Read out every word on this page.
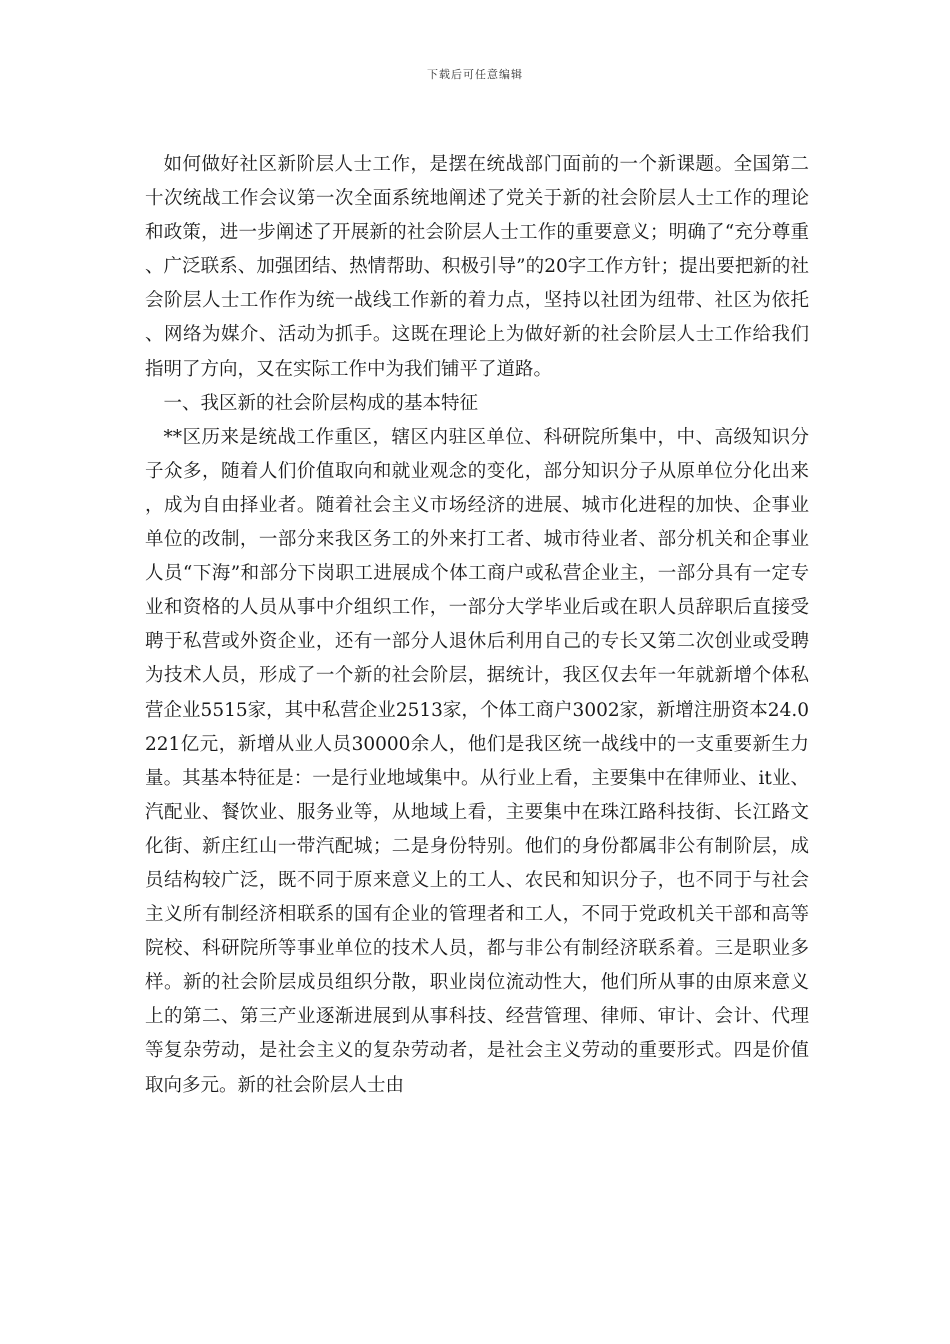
下载后可任意编辑

如何做好社区新阶层人士工作，是摆在统战部门面前的一个新课题。全国第二十次统战工作会议第一次全面系统地阐述了党关于新的社会阶层人士工作的理论和政策，进一步阐述了开展新的社会阶层人士工作的重要意义；明确了“充分尊重、广泛联系、加强团结、热情帮助、积极引导”的20字工作方针；提出要把新的社会阶层人士工作作为统一战线工作新的着力点，坚持以社团为纽带、社区为依托、网络为媒介、活动为抓手。这既在理论上为做好新的社会阶层人士工作给我们指明了方向，又在实际工作中为我们铺平了道路。

一、我区新的社会阶层构成的基本特征

**区历来是统战工作重区，辖区内驻区单位、科研院所集中，中、高级知识分子众多，随着人们价值取向和就业观念的变化，部分知识分子从原单位分化出来，成为自由择业者。随着社会主义市场经济的进展、城市化进程的加快、企事业单位的改制，一部分来我区务工的外来打工者、城市待业者、部分机关和企事业人员“下海”和部分下岗职工进展成个体工商户或私营企业主，一部分具有一定专业和资格的人员从事中介组织工作，一部分大学毕业后或在职人员辞职后直接受聘于私营或外资企业，还有一部分人退休后利用自己的专长又第二次创业或受聘为技术人员，形成了一个新的社会阶层，据统计，我区仅去年一年就新增个体私营企业5515家，其中私营企业2513家，个体工商户3002家，新增注册资本24.0221亿元，新增从业人员30000余人，他们是我区统一战线中的一支重要新生力量。其基本特征是：一是行业地域集中。从行业上看，主要集中在律师业、it业、汽配业、餐饮业、服务业等，从地域上看，主要集中在珠江路科技街、长江路文化街、新庄红山一带汽配城；二是身份特别。他们的身份都属非公有制阶层，成员结构较广泛，既不同于原来意义上的工人、农民和知识分子，也不同于与社会主义所有制经济相联系的国有企业的管理者和工人，不同于党政机关干部和高等院校、科研院所等事业单位的技术人员，都与非公有制经济联系着。三是职业多样。新的社会阶层成员组织分散，职业岗位流动性大，他们所从事的由原来意义上的第二、第三产业逐渐进展到从事科技、经营管理、律师、审计、会计、代理等复杂劳动，是社会主义的复杂劳动者，是社会主义劳动的重要形式。四是价值取向多元。新的社会阶层人士由
